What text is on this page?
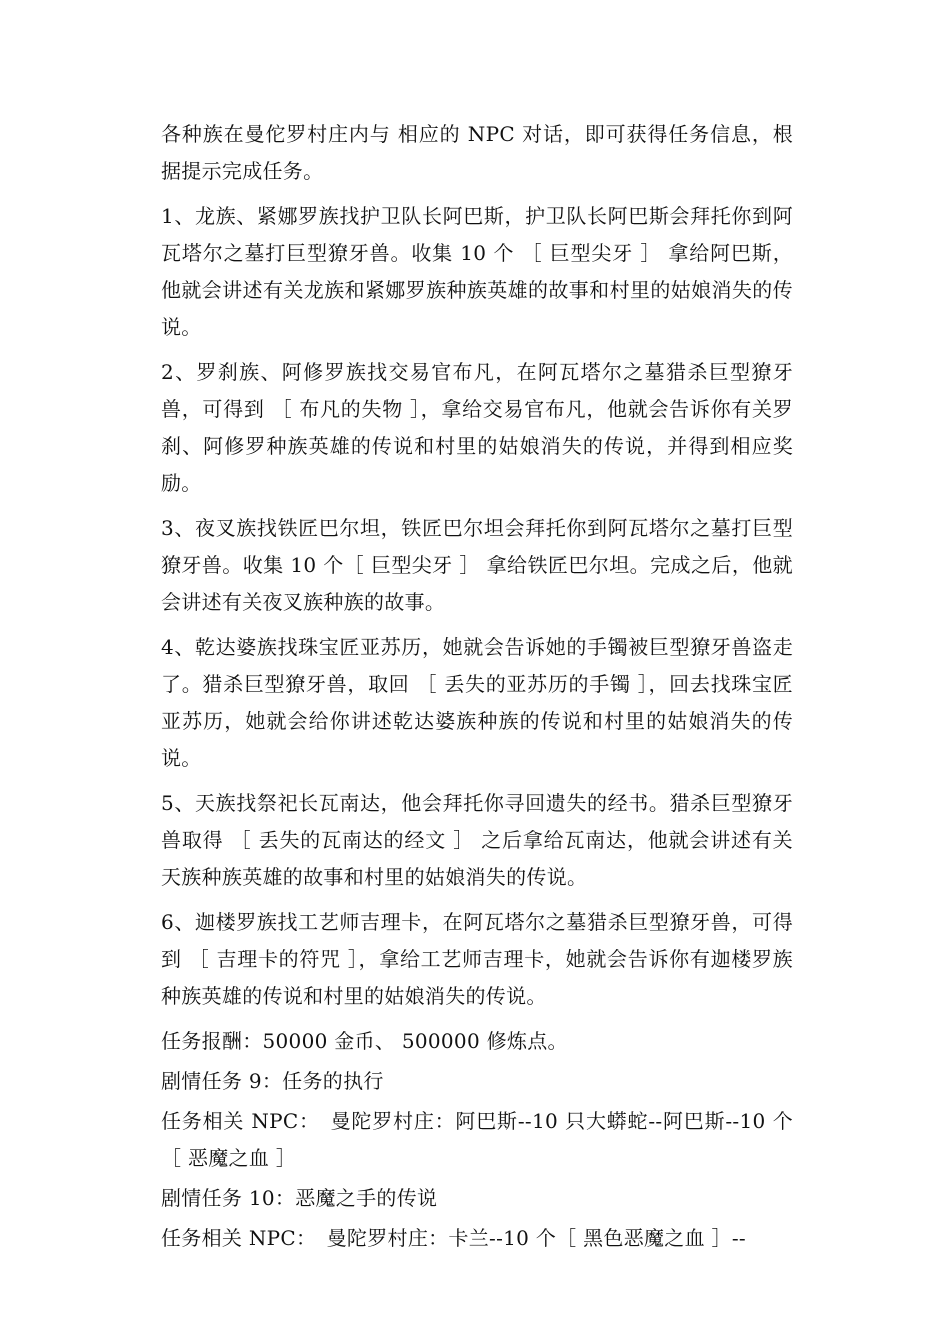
各种族在曼佗罗村庄内与 相应的 NPC 对话，即可获得任务信息，根据提示完成任务。

1、龙族、紧娜罗族找护卫队长阿巴斯，护卫队长阿巴斯会拜托你到阿瓦塔尔之墓打巨型獠牙兽。收集 10 个 ［ 巨型尖牙 ］ 拿给阿巴斯，他就会讲述有关龙族和紧娜罗族种族英雄的故事和村里的姑娘消失的传说。

2、罗刹族、阿修罗族找交易官布凡，在阿瓦塔尔之墓猎杀巨型獠牙兽，可得到 ［ 布凡的失物 ］，拿给交易官布凡，他就会告诉你有关罗刹、阿修罗种族英雄的传说和村里的姑娘消失的传说，并得到相应奖励。

3、夜叉族找铁匠巴尔坦，铁匠巴尔坦会拜托你到阿瓦塔尔之墓打巨型獠牙兽。收集 10 个［ 巨型尖牙 ］ 拿给铁匠巴尔坦。完成之后，他就会讲述有关夜叉族种族的故事。

4、乾达婆族找珠宝匠亚苏历，她就会告诉她的手镯被巨型獠牙兽盗走了。猎杀巨型獠牙兽，取回 ［ 丢失的亚苏历的手镯 ］，回去找珠宝匠亚苏历，她就会给你讲述乾达婆族种族的传说和村里的姑娘消失的传说。

5、天族找祭祀长瓦南达，他会拜托你寻回遗失的经书。猎杀巨型獠牙兽取得 ［ 丢失的瓦南达的经文 ］ 之后拿给瓦南达，他就会讲述有关天族种族英雄的故事和村里的姑娘消失的传说。

6、迦楼罗族找工艺师吉理卡，在阿瓦塔尔之墓猎杀巨型獠牙兽，可得到 ［ 吉理卡的符咒 ］，拿给工艺师吉理卡，她就会告诉你有迦楼罗族种族英雄的传说和村里的姑娘消失的传说。

任务报酬：50000 金币、 500000 修炼点。

剧情任务 9：任务的执行

任务相关 NPC：　曼陀罗村庄：阿巴斯--10 只大蟒蛇--阿巴斯--10 个［ 恶魔之血 ］

剧情任务 10：恶魔之手的传说

任务相关 NPC：　曼陀罗村庄：卡兰--10 个［ 黑色恶魔之血 ］--
